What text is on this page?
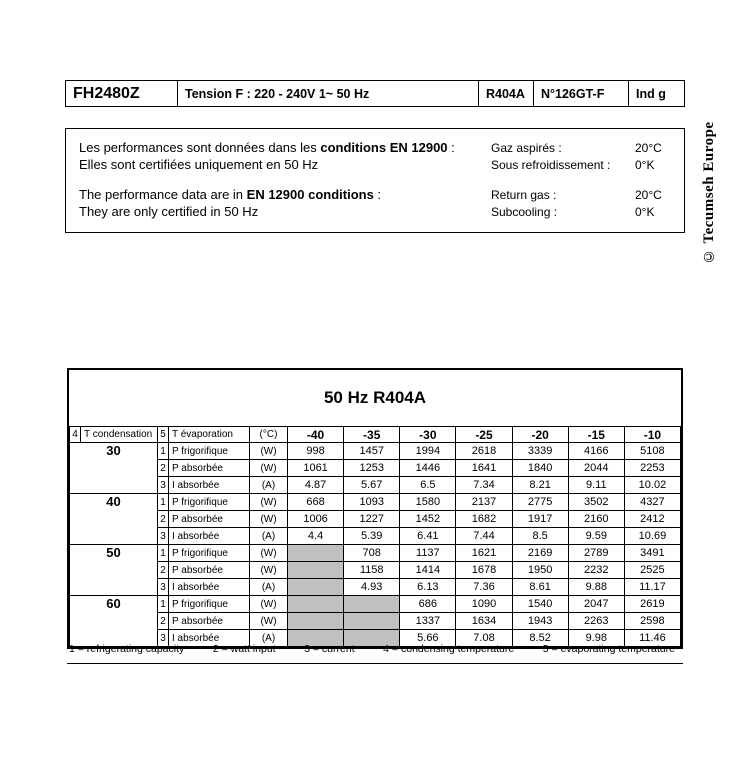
FH2480Z	Tension F : 220 - 240V 1~ 50 Hz	R404A	N°126GT-F	Ind g
Les performances sont données dans les conditions EN 12900 :
Elles sont certifiées uniquement en 50 Hz
The performance data are in EN 12900 conditions :
They are only certified in 50 Hz
Gaz aspirés :	20°C
Sous refroidissement :	0°K
Return gas :	20°C
Subcooling :	0°K	© Tecumseh Europe
50 Hz R404A
4 T condensation	5 T évaporation	(°C)	-40	-35	-30	-25	-20	-15	-10
30	1 P frigorifique	(W)	998	1457	1994	2618	3339	4166	5108

2 P absorbée	(W)	1061	1253	1446	1641	1840	2044	2253

3 I absorbée	(A)	4.87	5.67	6.5	7.34	8.21	9.11	10.02
40	1 P frigorifique	(W)	668	1093	1580	2137	2775	3502	4327

2 P absorbée	(W)	1006	1227	1452	1682	1917	2160	2412

3 I absorbée	(A)	4.4	5.39	6.41	7.44	8.5	9.59	10.69
50	1 P frigorifique	(W)		708	1137	1621	2169	2789	3491

2 P absorbée	(W)		1158	1414	1678	1950	2232	2525

3 I absorbée	(A)		4.93	6.13	7.36	8.61	9.88	11.17
60	1 P frigorifique	(W)			686	1090	1540	2047	2619

2 P absorbée	(W)			1337	1634	1943	2263	2598

3 I absorbée	(A)			5.66	7.08	8.52	9.98	11.46
1 = refrigerating capacity	2 = watt input	3 = current	4 = condensing temperature	5 = evaporating temperature
